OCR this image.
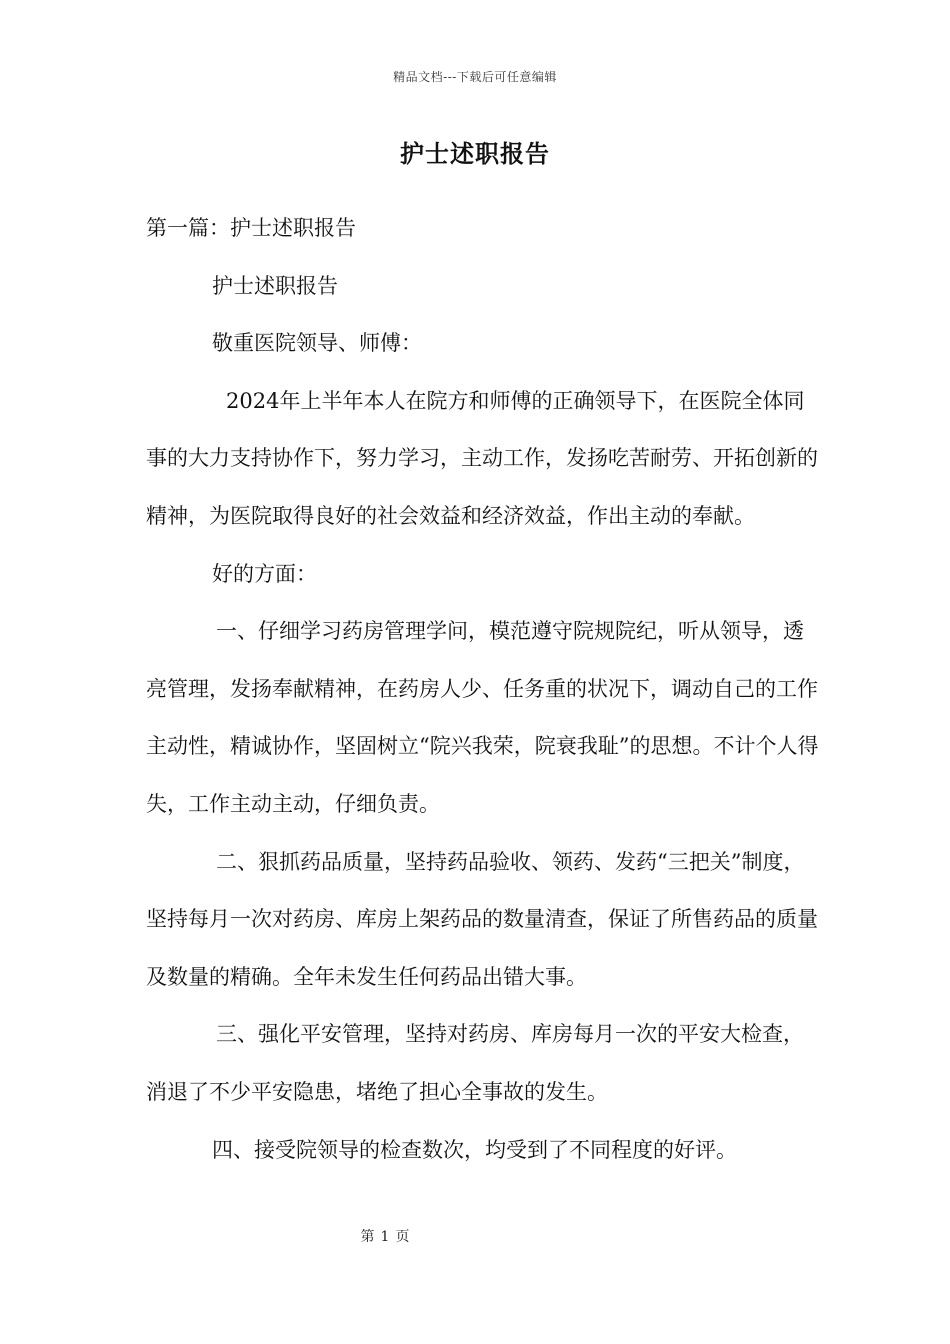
精品文档---下载后可任意编辑
护士述职报告

第一篇：护士述职报告

护士述职报告

敬重医院领导、师傅：

2024年上半年本人在院方和师傅的正确领导下，在医院全体同事的大力支持协作下，努力学习，主动工作，发扬吃苦耐劳、开拓创新的精神，为医院取得良好的社会效益和经济效益，作出主动的奉献。

好的方面：

一、仔细学习药房管理学问，模范遵守院规院纪，听从领导，透亮管理，发扬奉献精神，在药房人少、任务重的状况下，调动自己的工作主动性，精诚协作，坚固树立“院兴我荣，院衰我耻”的思想。不计个人得失，工作主动主动，仔细负责。

二、狠抓药品质量，坚持药品验收、领药、发药“三把关”制度，坚持每月一次对药房、库房上架药品的数量清查，保证了所售药品的质量及数量的精确。全年未发生任何药品出错大事。

三、强化平安管理，坚持对药房、库房每月一次的平安大检查，消退了不少平安隐患，堵绝了担心全事故的发生。

四、接受院领导的检查数次，均受到了不同程度的好评。

第 1 页
